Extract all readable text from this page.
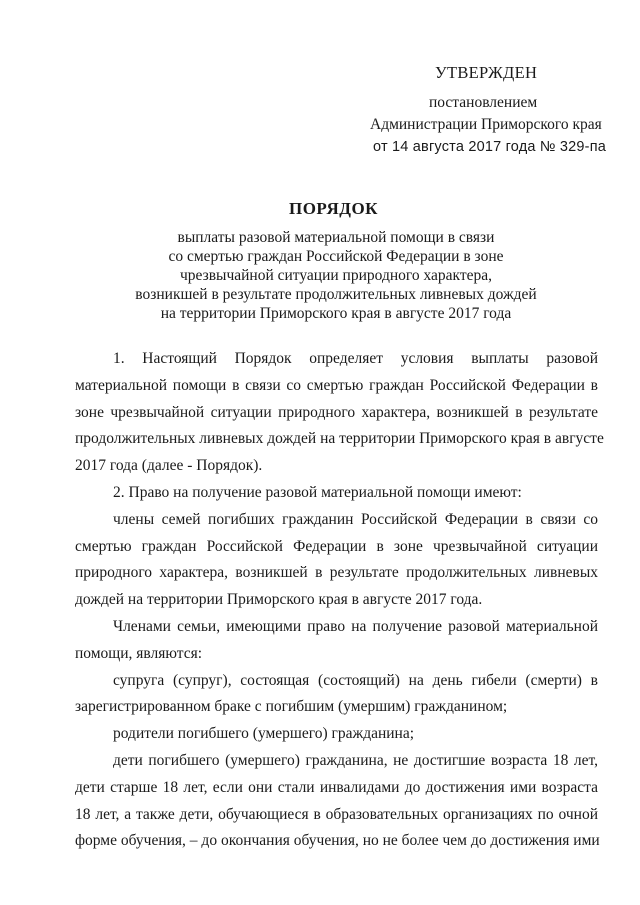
УТВЕРЖДЕН
постановлением
Администрации Приморского края
от 14 августа 2017 года № 329-па
ПОРЯДОК
выплаты разовой материальной помощи в связи
со смертью граждан Российской Федерации в зоне
чрезвычайной ситуации природного характера,
возникшей в результате продолжительных ливневых дождей
на территории Приморского края в августе 2017 года
1. Настоящий Порядок определяет условия выплаты разовой
материальной помощи в связи со смертью граждан Российской Федерации в
зоне чрезвычайной ситуации природного характера, возникшей в результате
продолжительных ливневых дождей на территории Приморского края в августе
2017 года (далее - Порядок).
2. Право на получение разовой материальной помощи имеют:
члены семей погибших гражданин Российской Федерации в связи со
смертью граждан Российской Федерации в зоне чрезвычайной ситуации
природного характера, возникшей в результате продолжительных ливневых
дождей на территории Приморского края в августе 2017 года.
Членами семьи, имеющими право на получение разовой материальной
помощи, являются:
супруга (супруг), состоящая (состоящий) на день гибели (смерти) в
зарегистрированном браке с погибшим (умершим) гражданином;
родители погибшего (умершего) гражданина;
дети погибшего (умершего) гражданина, не достигшие возраста 18 лет,
дети старше 18 лет, если они стали инвалидами до достижения ими возраста
18 лет, а также дети, обучающиеся в образовательных организациях по очной
форме обучения, – до окончания обучения, но не более чем до достижения ими
